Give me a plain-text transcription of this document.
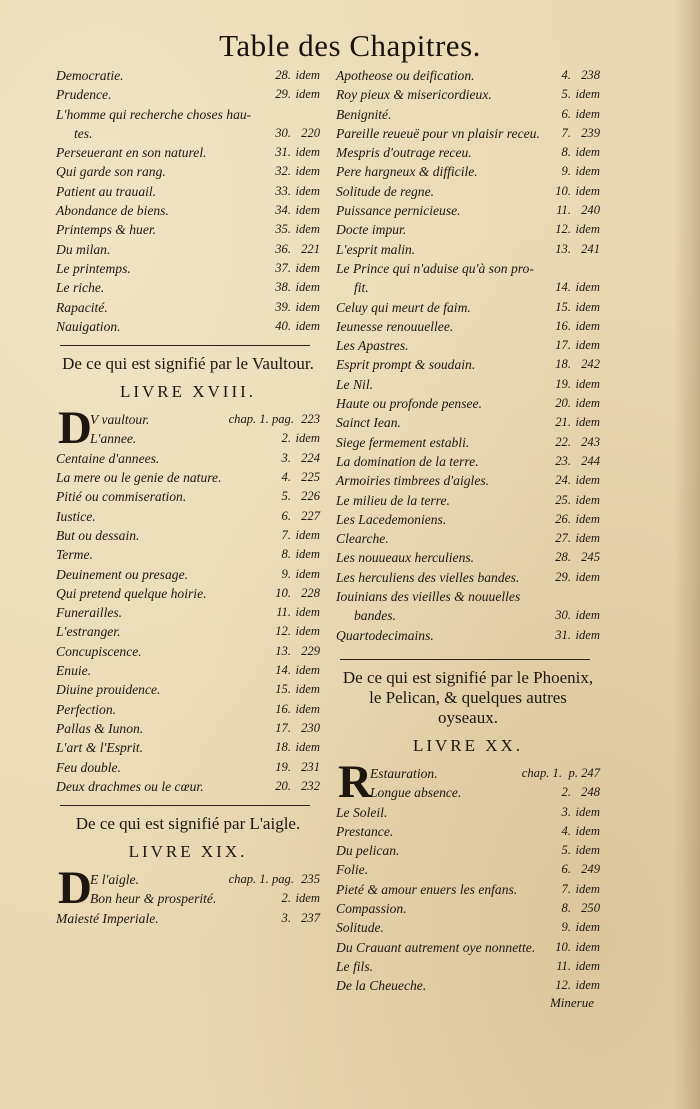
Table des Chapitres.
Democratie.	28. idem
Prudence.	29. idem
L'homme qui recherche choses hau-
tes.	30. 220
Perseuerant en son naturel.	31. idem
Qui garde son rang.	32. idem
Patient au trauail.	33. idem
Abondance de biens.	34. idem
Printemps & huer.	35. idem
Du milan.	36. 221
Le printemps.	37. idem
Le riche.	38. idem
Rapacité.	39. idem
Nauigation.	40. idem
De ce qui est signifié par le Vaultour.
LIVRE XVIII.
D
V vaultour.	chap. 1. pag. 223
L'annee.	2. idem
Centaine d'annees.	3. 224
La mere ou le genie de nature.	4. 225
Pitié ou commiseration.	5. 226
Iustice.	6. 227
But ou dessain.	7. idem
Terme.	8. idem
Deuinement ou presage.	9. idem
Qui pretend quelque hoirie.	10. 228
Funerailles.	11. idem
L'estranger.	12. idem
Concupiscence.	13. 229
Enuie.	14. idem
Diuine prouidence.	15. idem
Perfection.	16. idem
Pallas & Iunon.	17. 230
L'art & l'Esprit.	18. idem
Feu double.	19. 231
Deux drachmes ou le cœur.	20. 232
De ce qui est signifié par L'aigle.
LIVRE XIX.
D
E l'aigle.	chap. 1. pag. 235
Bon heur & prosperité.	2. idem
Maiesté Imperiale.	3. 237
Apotheose ou deification.	4. 238
Roy pieux & misericordieux.	5. idem
Benignité.	6. idem
Pareille reueuë pour vn plaisir receu.	7. 239
Mespris d'outrage receu.	8. idem
Pere hargneux & difficile.	9. idem
Solitude de regne.	10. idem
Puissance pernicieuse.	11. 240
Docte impur.	12. idem
L'esprit malin.	13. 241
Le Prince qui n'aduise qu'à son pro-
fit.	14. idem
Celuy qui meurt de faim.	15. idem
Ieunesse renouuellee.	16. idem
Les Apastres.	17. idem
Esprit prompt & soudain.	18. 242
Le Nil.	19. idem
Haute ou profonde pensee.	20. idem
Sainct Iean.	21. idem
Siege fermement establi.	22. 243
La domination de la terre.	23. 244
Armoiries timbrees d'aigles.	24. idem
Le milieu de la terre.	25. idem
Les Lacedemoniens.	26. idem
Clearche.	27. idem
Les nouueaux herculiens.	28. 245
Les herculiens des vielles bandes.	29. idem
Iouinians des vieilles & nouuelles
bandes.	30. idem
Quartodecimains.	31. idem
De ce qui est signifié par le Phoenix, le Pelican, & quelques autres oyseaux.
LIVRE XX.
R
Estauration.	chap. 1. p. 247
Longue absence.	2. 248
Le Soleil.	3. idem
Prestance.	4. idem
Du pelican.	5. idem
Folie.	6. 249
Pieté & amour enuers les enfans.	7. idem
Compassion.	8. 250
Solitude.	9. idem
Du Crauant autrement oye nonnette.	10. idem
Le fils.	11. idem
De la Cheueche.	12. idem
Minerue
